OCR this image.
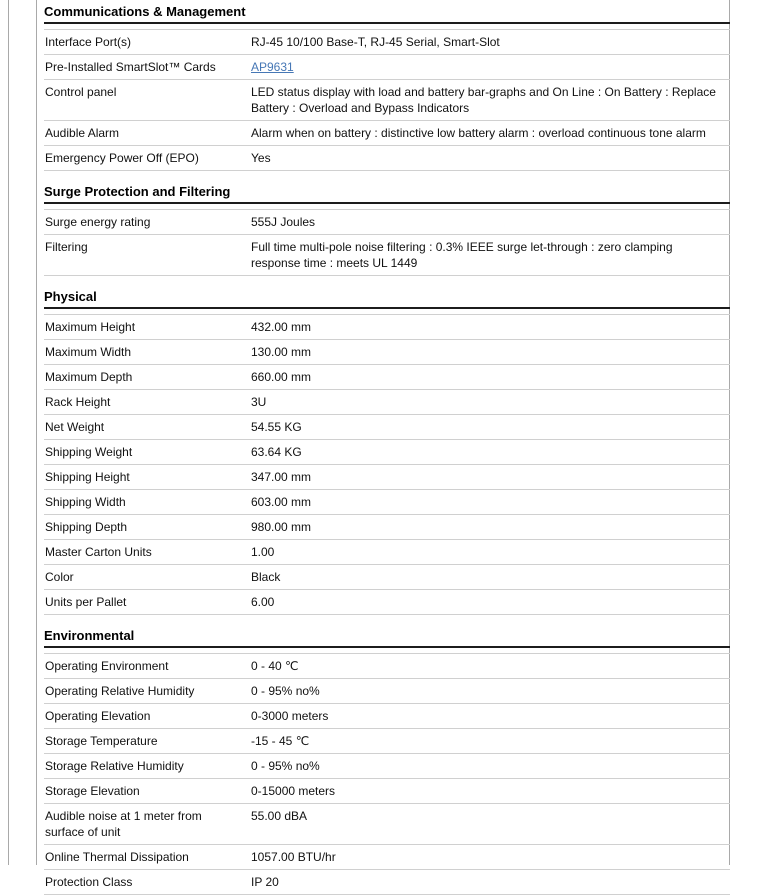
Communications & Management
Interface Port(s)	RJ-45 10/100 Base-T, RJ-45 Serial, Smart-Slot
Pre-Installed SmartSlot™ Cards	AP9631
Control panel	LED status display with load and battery bar-graphs and On Line : On Battery : Replace Battery : Overload and Bypass Indicators
Audible Alarm	Alarm when on battery : distinctive low battery alarm : overload continuous tone alarm
Emergency Power Off (EPO)	Yes
Surge Protection and Filtering
Surge energy rating	555J Joules
Filtering	Full time multi-pole noise filtering : 0.3% IEEE surge let-through : zero clamping response time : meets UL 1449
Physical
Maximum Height	432.00 mm
Maximum Width	130.00 mm
Maximum Depth	660.00 mm
Rack Height	3U
Net Weight	54.55 KG
Shipping Weight	63.64 KG
Shipping Height	347.00 mm
Shipping Width	603.00 mm
Shipping Depth	980.00 mm
Master Carton Units	1.00
Color	Black
Units per Pallet	6.00
Environmental
Operating Environment	0 - 40 ℃
Operating Relative Humidity	0 - 95% no%
Operating Elevation	0-3000 meters
Storage Temperature	-15 - 45 ℃
Storage Relative Humidity	0 - 95% no%
Storage Elevation	0-15000 meters
Audible noise at 1 meter from surface of unit	55.00 dBA
Online Thermal Dissipation	1057.00 BTU/hr
Protection Class	IP 20
